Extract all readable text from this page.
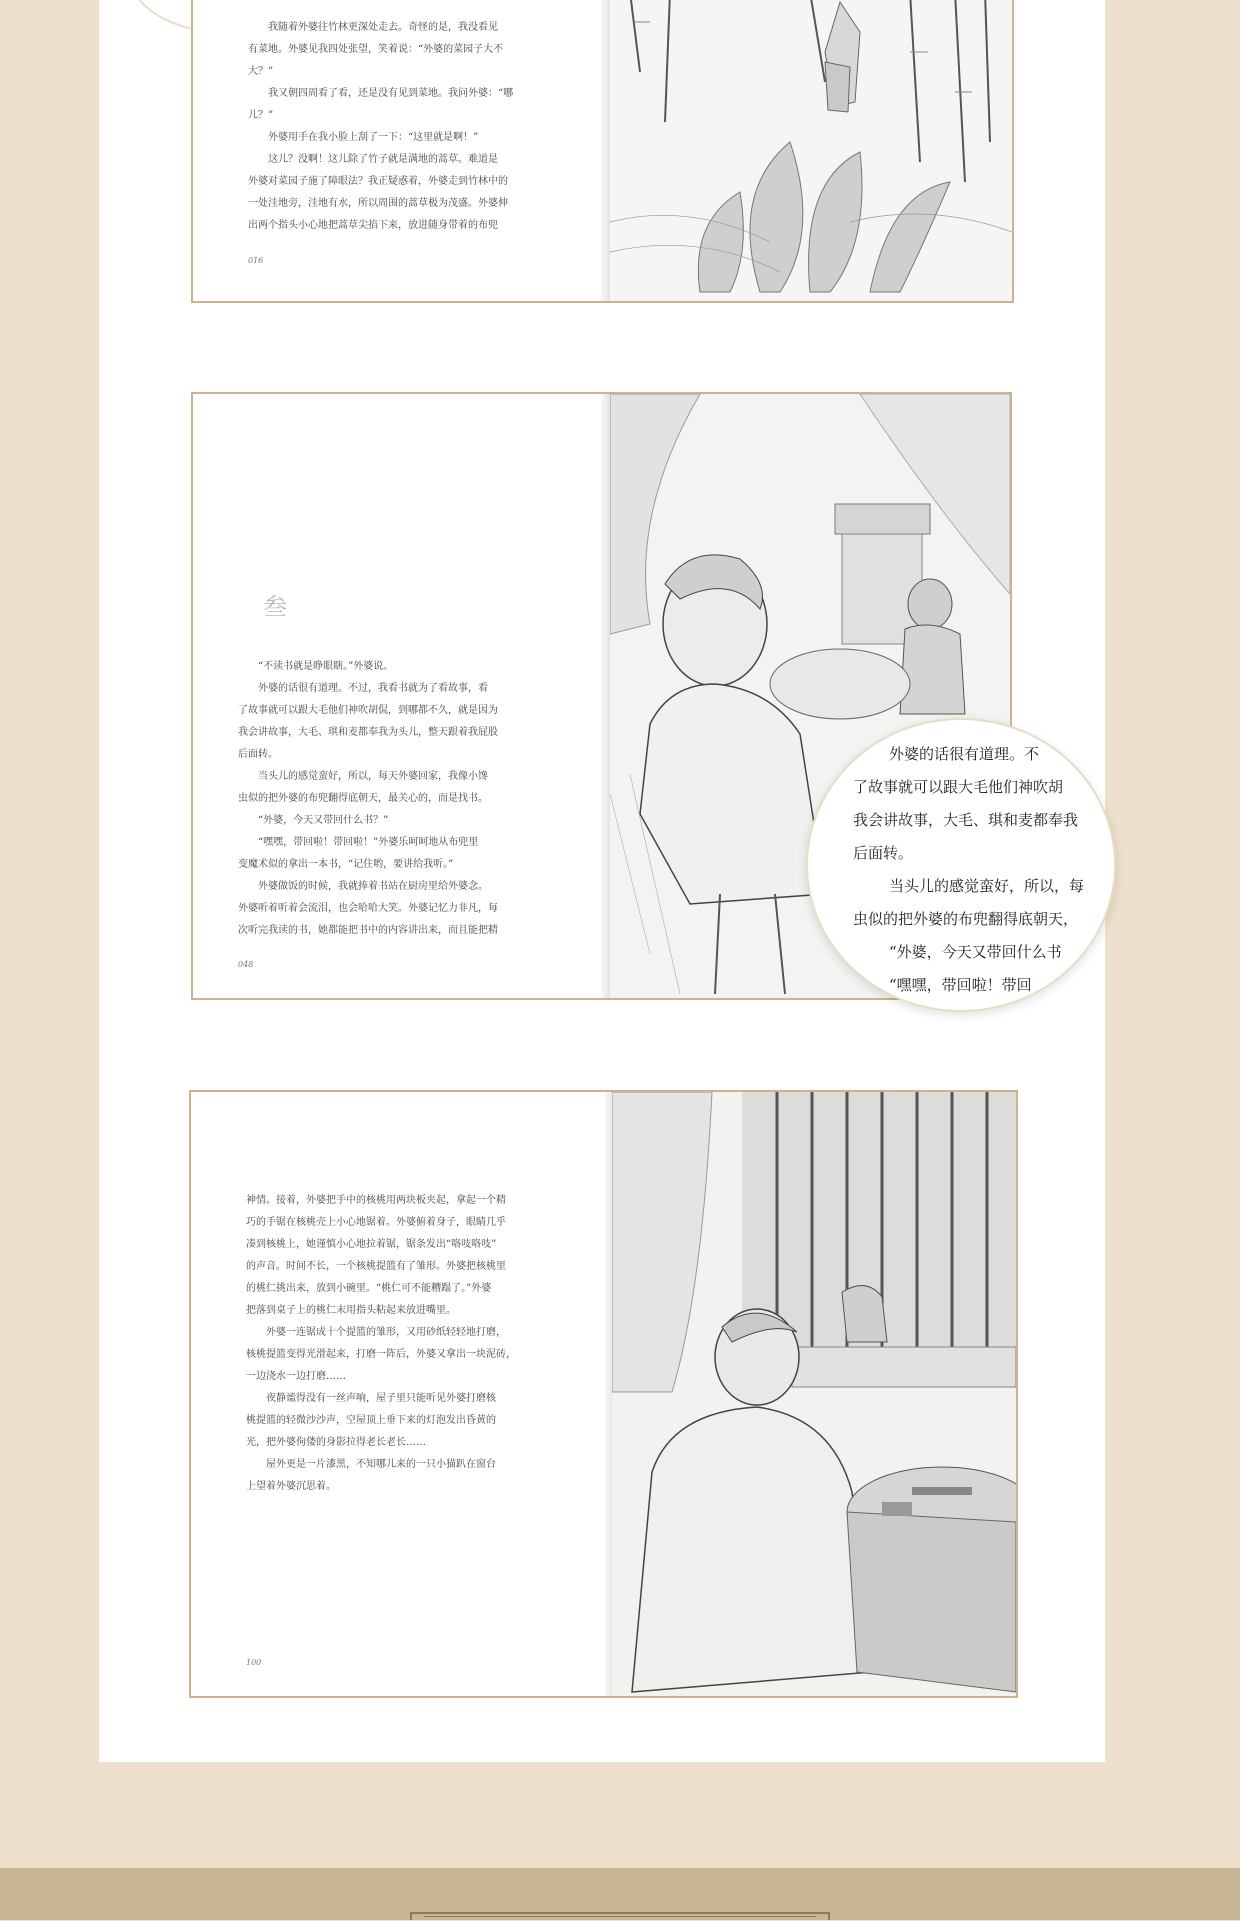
我随着外婆往竹林更深处走去。奇怪的是，我没看见

有菜地。外婆见我四处张望，笑着说：“外婆的菜园子大不

大？”

我又朝四周看了看，还是没有见到菜地。我问外婆：“哪

儿？”

外婆用手在我小脸上刮了一下：“这里就是啊！”

这儿？没啊！这儿除了竹子就是满地的蒿草。难道是

外婆对菜园子施了障眼法？我正疑惑着，外婆走到竹林中的

一处洼地旁，洼地有水，所以周围的蒿草极为茂盛。外婆伸

出两个指头小心地把蒿草尖掐下来，放进随身带着的布兜

016
叁

“不读书就是睁眼瞎。”外婆说。

外婆的话很有道理。不过，我看书就为了看故事，看

了故事就可以跟大毛他们神吹胡侃，到哪都不久，就是因为

我会讲故事，大毛、琪和麦都奉我为头儿，整天跟着我屁股

后面转。

当头儿的感觉蛮好，所以，每天外婆回家，我像小馋

虫似的把外婆的布兜翻得底朝天，最关心的，而是找书。

“外婆，今天又带回什么书？”

“嘿嘿，带回啦！带回啦！”外婆乐呵呵地从布兜里

变魔术似的拿出一本书，“记住哟，要讲给我听。”

外婆做饭的时候，我就捧着书站在厨房里给外婆念。

外婆听着听着会流泪，也会哈哈大笑。外婆记忆力非凡，每

次听完我读的书，她都能把书中的内容讲出来，而且能把精

048

神情。接着，外婆把手中的核桃用两块板夹起，拿起一个精

巧的手锯在核桃壳上小心地锯着。外婆俯着身子，眼睛几乎

凑到核桃上，她谨慎小心地拉着锯，锯条发出“咯吱咯吱”

的声音。时间不长，一个核桃提篮有了雏形。外婆把核桃里

的桃仁挑出来，放到小碗里。“桃仁可不能糟蹋了。”外婆

把落到桌子上的桃仁末用指头粘起来放进嘴里。

外婆一连锯成十个提篮的雏形，又用砂纸轻轻地打磨，

核桃提篮变得光滑起来，打磨一阵后，外婆又拿出一块泥砖，

一边浇水一边打磨……

夜静谧得没有一丝声响，屋子里只能听见外婆打磨核

桃提篮的轻微沙沙声，空屋顶上垂下来的灯泡发出昏黄的

光，把外婆佝偻的身影拉得老长老长……

屋外更是一片漆黑，不知哪儿来的一只小猫趴在窗台

上望着外婆沉思着。

100

外婆的话很有道理。不

了故事就可以跟大毛他们神吹胡

我会讲故事，大毛、琪和麦都奉我

后面转。

当头儿的感觉蛮好，所以，每

虫似的把外婆的布兜翻得底朝天，

“外婆，今天又带回什么书

“嘿嘿，带回啦！带回
